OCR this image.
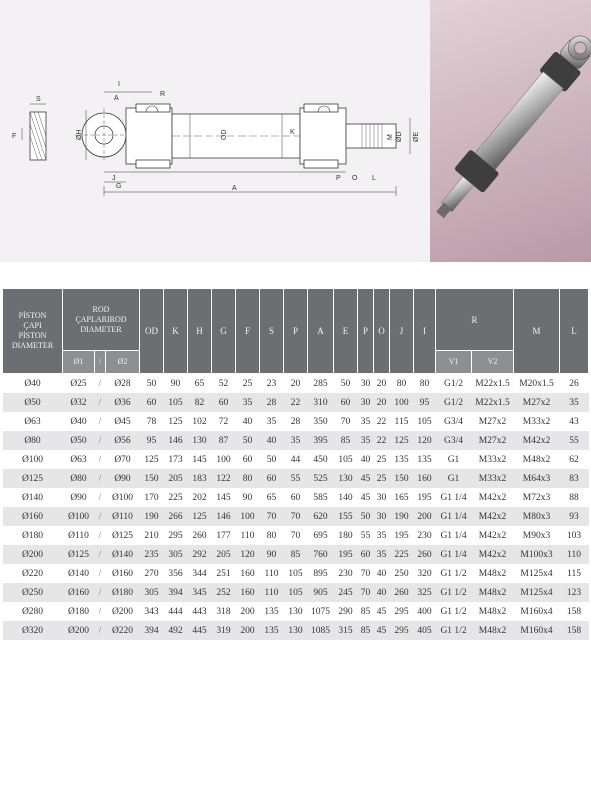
S
F	ØH
I
A
R
OD	K
M ØD ØE
P O L
J
G	A
PİSTON
ÇAPI
PİSTON
DIAMETER	ROD
ÇAPLARIROD
DIAMETER			OD	K	H	G	F	S	P	A	E	P	O	J	I	R		M	L
	Ø1	/	Ø2														V1	V2		
Ø40	Ø25	/	Ø28	50	90	65	52	25	23	20	285	50	30	20	80	80	G1/2	M22x1.5	M20x1.5	26
Ø50	Ø32	/	Ø36	60	105	82	60	35	28	22	310	60	30	20	100	95	G1/2	M22x1.5	M27x2	35
Ø63	Ø40	/	Ø45	78	125	102	72	40	35	28	350	70	35	22	115	105	G3/4	M27x2	M33x2	43
Ø80	Ø50	/	Ø56	95	146	130	87	50	40	35	395	85	35	22	125	120	G3/4	M27x2	M42x2	55
Ø100	Ø63	/	Ø70	125	173	145	100	60	50	44	450	105	40	25	135	135	G1	M33x2	M48x2	62
Ø125	Ø80	/	Ø90	150	205	183	122	80	60	55	525	130	45	25	150	160	G1	M33x2	M64x3	83
Ø140	Ø90	/	Ø100	170	225	202	145	90	65	60	585	140	45	30	165	195	G1 1/4	M42x2	M72x3	88
Ø160	Ø100	/	Ø110	190	266	125	146	100	70	70	620	155	50	30	190	200	G1 1/4	M42x2	M80x3	93
Ø180	Ø110	/	Ø125	210	295	260	177	110	80	70	695	180	55	35	195	230	G1 1/4	M42x2	M90x3	103
Ø200	Ø125	/	Ø140	235	305	292	205	120	90	85	760	195	60	35	225	260	G1 1/4	M42x2	M100x3	110
Ø220	Ø140	/	Ø160	270	356	344	251	160	110	105	895	230	70	40	250	320	G1 1/2	M48x2	M125x4	115
Ø250	Ø160	/	Ø180	305	394	345	252	160	110	105	905	245	70	40	260	325	G1 1/2	M48x2	M125x4	123
Ø280	Ø180	/	Ø200	343	444	443	318	200	135	130	1075	290	85	45	295	400	G1 1/2	M48x2	M160x4	158
Ø320	Ø200	/	Ø220	394	492	445	319	200	135	130	1085	315	85	45	295	405	G1 1/2	M48x2	M160x4	158
